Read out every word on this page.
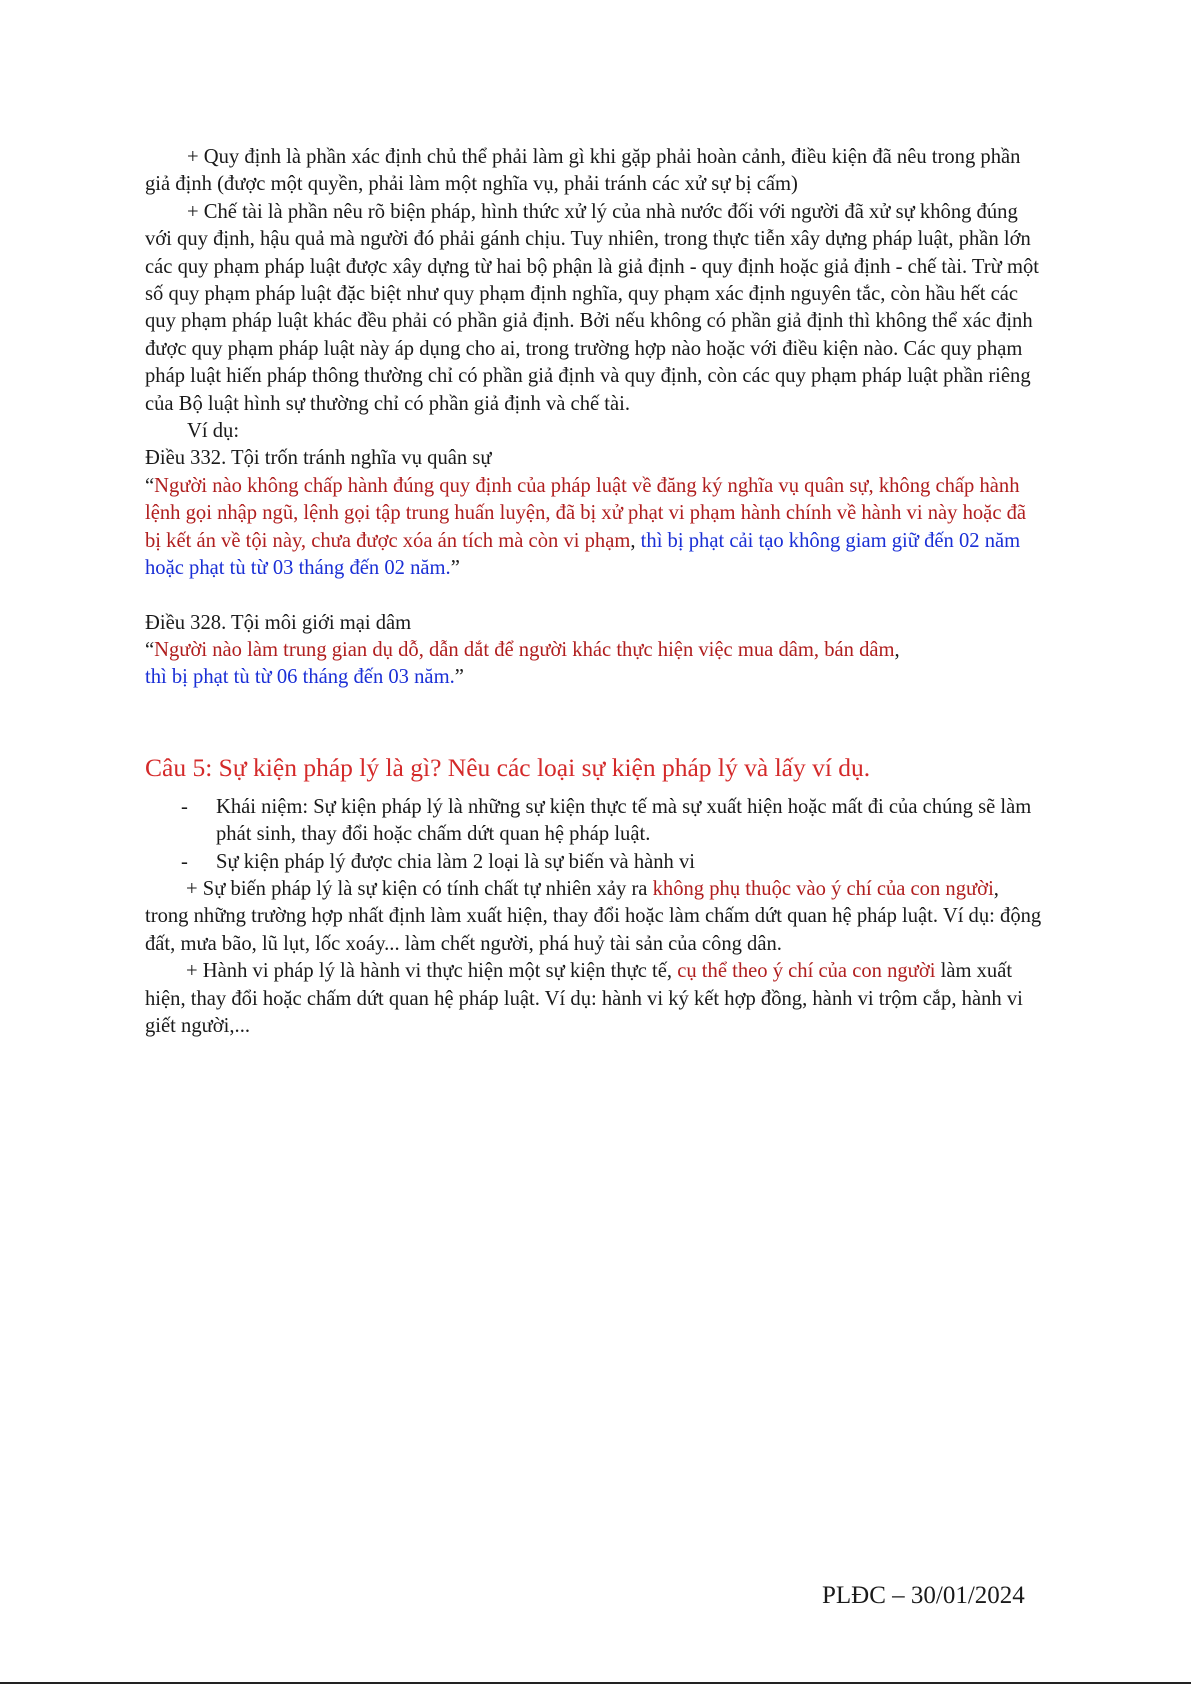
+ Quy định là phần xác định chủ thể phải làm gì khi gặp phải hoàn cảnh, điều kiện đã nêu trong phần giả định (được một quyền, phải làm một nghĩa vụ, phải tránh các xử sự bị cấm)

+ Chế tài là phần nêu rõ biện pháp, hình thức xử lý của nhà nước đối với người đã xử sự không đúng với quy định, hậu quả mà người đó phải gánh chịu. Tuy nhiên, trong thực tiễn xây dựng pháp luật, phần lớn các quy phạm pháp luật được xây dựng từ hai bộ phận là giả định - quy định hoặc giả định - chế tài. Trừ một số quy phạm pháp luật đặc biệt như quy phạm định nghĩa, quy phạm xác định nguyên tắc, còn hầu hết các quy phạm pháp luật khác đều phải có phần giả định. Bởi nếu không có phần giả định thì không thể xác định được quy phạm pháp luật này áp dụng cho ai, trong trường hợp nào hoặc với điều kiện nào. Các quy phạm pháp luật hiến pháp thông thường chỉ có phần giả định và quy định, còn các quy phạm pháp luật phần riêng của Bộ luật hình sự thường chỉ có phần giả định và chế tài.

Ví dụ:

Điều 332. Tội trốn tránh nghĩa vụ quân sự

“Người nào không chấp hành đúng quy định của pháp luật về đăng ký nghĩa vụ quân sự, không chấp hành lệnh gọi nhập ngũ, lệnh gọi tập trung huấn luyện, đã bị xử phạt vi phạm hành chính về hành vi này hoặc đã bị kết án về tội này, chưa được xóa án tích mà còn vi phạm, thì bị phạt cải tạo không giam giữ đến 02 năm hoặc phạt tù từ 03 tháng đến 02 năm.”

Điều 328. Tội môi giới mại dâm

“Người nào làm trung gian dụ dỗ, dẫn dắt để người khác thực hiện việc mua dâm, bán dâm,
thì bị phạt tù từ 06 tháng đến 03 năm.”

Câu 5: Sự kiện pháp lý là gì? Nêu các loại sự kiện pháp lý và lấy ví dụ.

- Khái niệm: Sự kiện pháp lý là những sự kiện thực tế mà sự xuất hiện hoặc mất đi của chúng sẽ làm phát sinh, thay đổi hoặc chấm dứt quan hệ pháp luật.
- Sự kiện pháp lý được chia làm 2 loại là sự biến và hành vi

+ Sự biến pháp lý là sự kiện có tính chất tự nhiên xảy ra không phụ thuộc vào ý chí của con người, trong những trường hợp nhất định làm xuất hiện, thay đổi hoặc làm chấm dứt quan hệ pháp luật. Ví dụ: động đất, mưa bão, lũ lụt, lốc xoáy... làm chết người, phá huỷ tài sản của công dân.

+ Hành vi pháp lý là hành vi thực hiện một sự kiện thực tế, cụ thể theo ý chí của con người làm xuất hiện, thay đổi hoặc chấm dứt quan hệ pháp luật. Ví dụ: hành vi ký kết hợp đồng, hành vi trộm cắp, hành vi giết người,...

PLĐC – 30/01/2024
